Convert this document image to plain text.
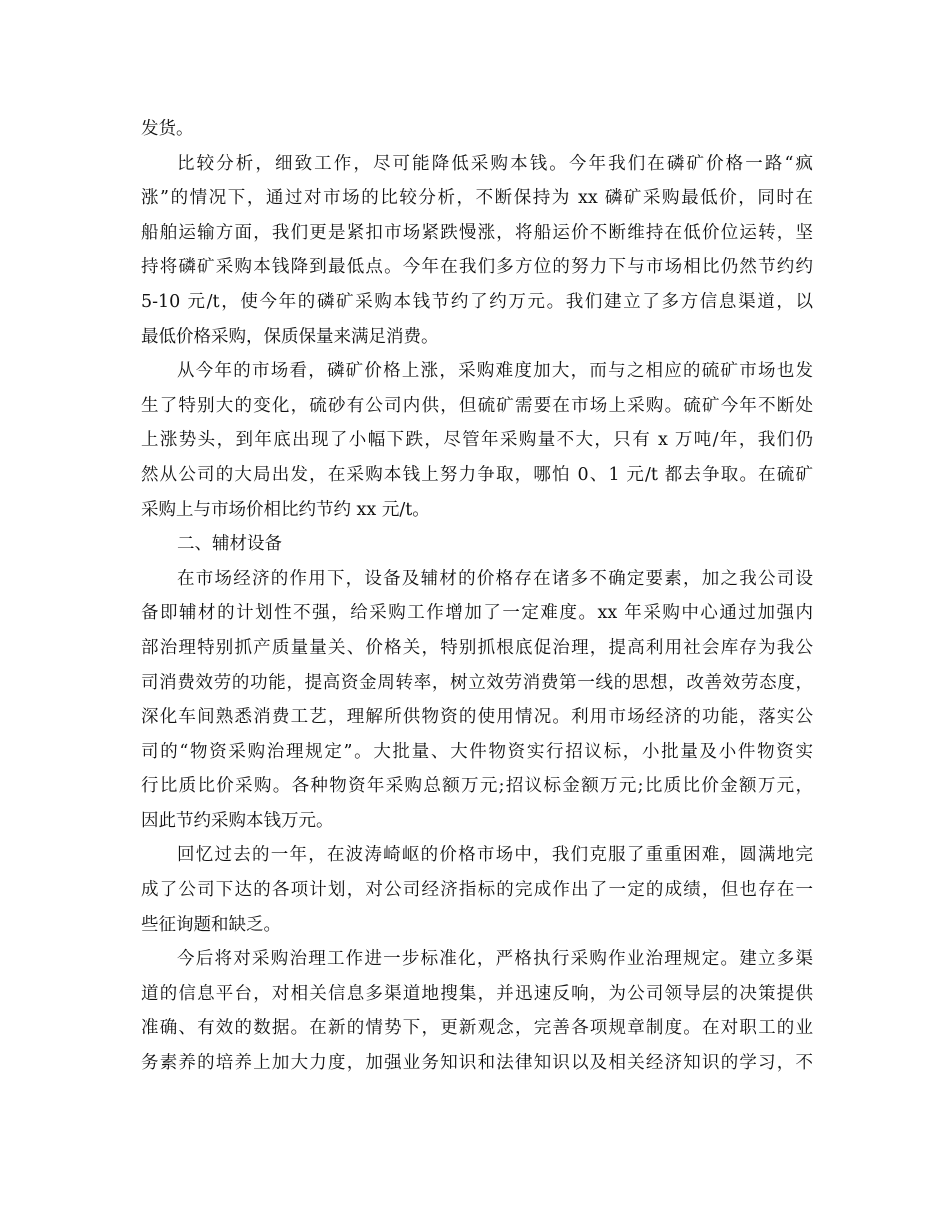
发货。
比较分析，细致工作，尽可能降低采购本钱。今年我们在磷矿价格一路“疯
涨”的情况下，通过对市场的比较分析，不断保持为 xx 磷矿采购最低价，同时在
船舶运输方面，我们更是紧扣市场紧跌慢涨，将船运价不断维持在低价位运转，坚
持将磷矿采购本钱降到最低点。今年在我们多方位的努力下与市场相比仍然节约约
5-10 元/t，使今年的磷矿采购本钱节约了约万元。我们建立了多方信息渠道，以
最低价格采购，保质保量来满足消费。
从今年的市场看，磷矿价格上涨，采购难度加大，而与之相应的硫矿市场也发
生了特别大的变化，硫砂有公司内供，但硫矿需要在市场上采购。硫矿今年不断处
上涨势头，到年底出现了小幅下跌，尽管年采购量不大，只有 x 万吨/年，我们仍
然从公司的大局出发，在采购本钱上努力争取，哪怕 0、1 元/t 都去争取。在硫矿
采购上与市场价相比约节约 xx 元/t。
二、辅材设备
在市场经济的作用下，设备及辅材的价格存在诸多不确定要素，加之我公司设
备即辅材的计划性不强，给采购工作增加了一定难度。xx 年采购中心通过加强内
部治理特别抓产质量量关、价格关，特别抓根底促治理，提高利用社会库存为我公
司消费效劳的功能，提高资金周转率，树立效劳消费第一线的思想，改善效劳态度，
深化车间熟悉消费工艺，理解所供物资的使用情况。利用市场经济的功能，落实公
司的“物资采购治理规定”。大批量、大件物资实行招议标，小批量及小件物资实
行比质比价采购。各种物资年采购总额万元;招议标金额万元;比质比价金额万元，
因此节约采购本钱万元。
回忆过去的一年，在波涛崎岖的价格市场中，我们克服了重重困难，圆满地完
成了公司下达的各项计划，对公司经济指标的完成作出了一定的成绩，但也存在一
些征询题和缺乏。
今后将对采购治理工作进一步标准化，严格执行采购作业治理规定。建立多渠
道的信息平台，对相关信息多渠道地搜集，并迅速反响，为公司领导层的决策提供
准确、有效的数据。在新的情势下，更新观念，完善各项规章制度。在对职工的业
务素养的培养上加大力度，加强业务知识和法律知识以及相关经济知识的学习，不
